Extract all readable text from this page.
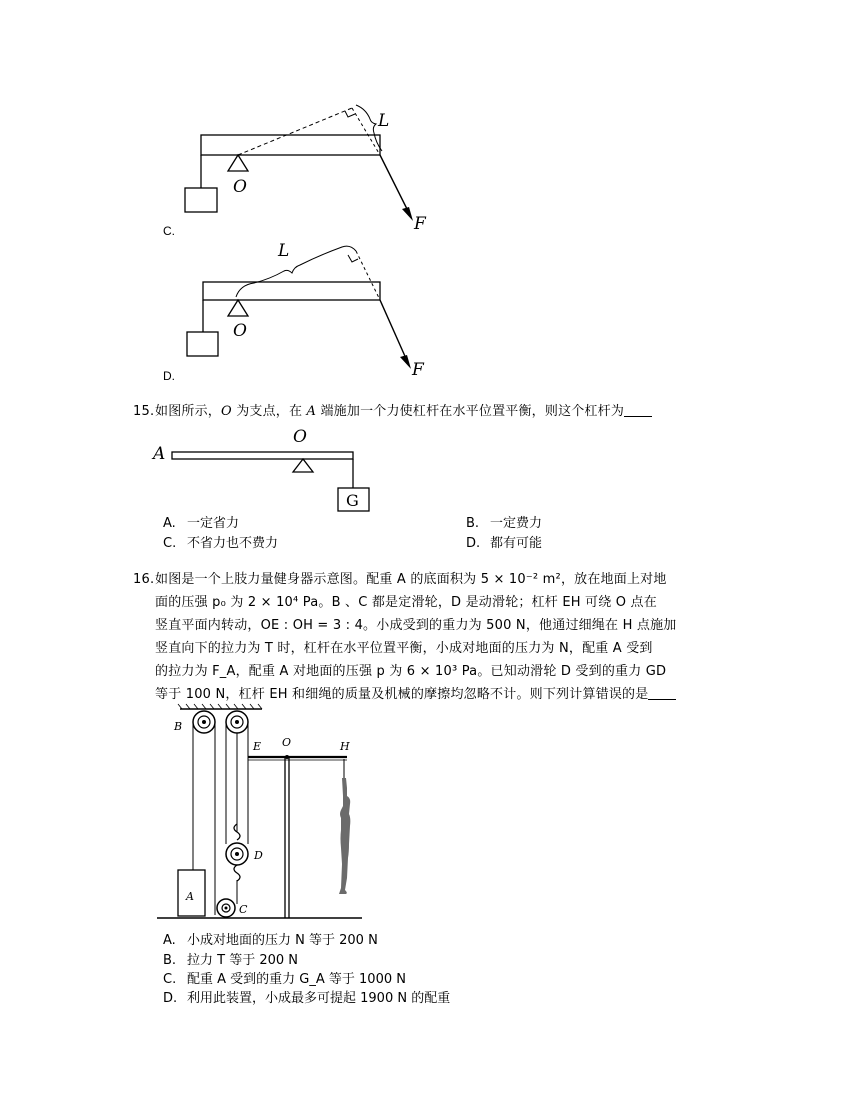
L
O
F
C.
L
O
F
D.
15.如图所示，O 为支点，在 A 端施加一个力使杠杆在水平位置平衡，则这个杠杆为
A
O
G
A. 一定省力	B. 一定费力
C. 不省力也不费力	D. 都有可能
16. 如图是一个上肢力量健身器示意图。配重 A 的底面积为 5 × 10⁻² m²，放在地面上对地
面的压强 p₀ 为 2 × 10⁴ Pa。B 、C 都是定滑轮，D 是动滑轮；杠杆 EH 可绕 O 点在
竖直平面内转动，OE : OH = 3 : 4。小成受到的重力为 500 N，他通过细绳在 H 点施加
竖直向下的拉力为 T 时，杠杆在水平位置平衡，小成对地面的压力为 N，配重 A 受到
的拉力为 F_A，配重 A 对地面的压强 p 为 6 × 10³ Pa。已知动滑轮 D 受到的重力 GD
等于 100 N，杠杆 EH 和细绳的质量及机械的摩擦均忽略不计。则下列计算错误的是
B
E O	H
D
A
C
A. 小成对地面的压力 N 等于 200 N
B. 拉力 T 等于 200 N
C. 配重 A 受到的重力 G_A 等于 1000 N
D. 利用此装置，小成最多可提起 1900 N 的配重
